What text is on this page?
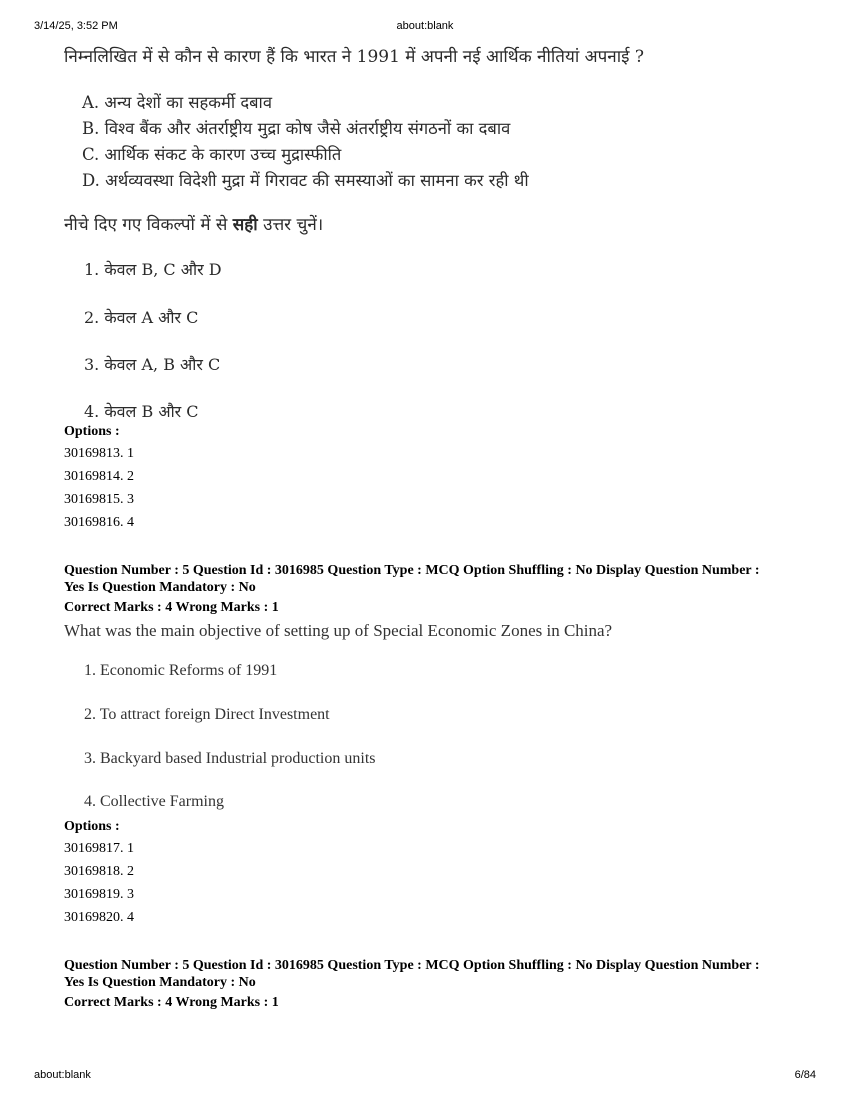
3/14/25, 3:52 PM	about:blank
निम्नलिखित में से कौन से कारण हैं कि भारत ने 1991 में अपनी नई आर्थिक नीतियां अपनाई ?
A. अन्य देशों का सहकर्मी दबाव
B. विश्व बैंक और अंतर्राष्ट्रीय मुद्रा कोष जैसे अंतर्राष्ट्रीय संगठनों का दबाव
C. आर्थिक संकट के कारण उच्च मुद्रास्फीति
D. अर्थव्यवस्था विदेशी मुद्रा में गिरावट की समस्याओं का सामना कर रही थी
नीचे दिए गए विकल्पों में से सही उत्तर चुनें।
1. केवल B, C और D
2. केवल A और C
3. केवल A, B और C
4. केवल B और C
Options :
30169813. 1
30169814. 2
30169815. 3
30169816. 4
Question Number : 5 Question Id : 3016985 Question Type : MCQ Option Shuffling : No Display Question Number : Yes Is Question Mandatory : No
Correct Marks : 4 Wrong Marks : 1
What was the main objective of setting up of Special Economic Zones in China?
1. Economic Reforms of 1991
2. To attract foreign Direct Investment
3. Backyard based Industrial production units
4. Collective Farming
Options :
30169817. 1
30169818. 2
30169819. 3
30169820. 4
Question Number : 5 Question Id : 3016985 Question Type : MCQ Option Shuffling : No Display Question Number : Yes Is Question Mandatory : No
Correct Marks : 4 Wrong Marks : 1
about:blank	6/84
